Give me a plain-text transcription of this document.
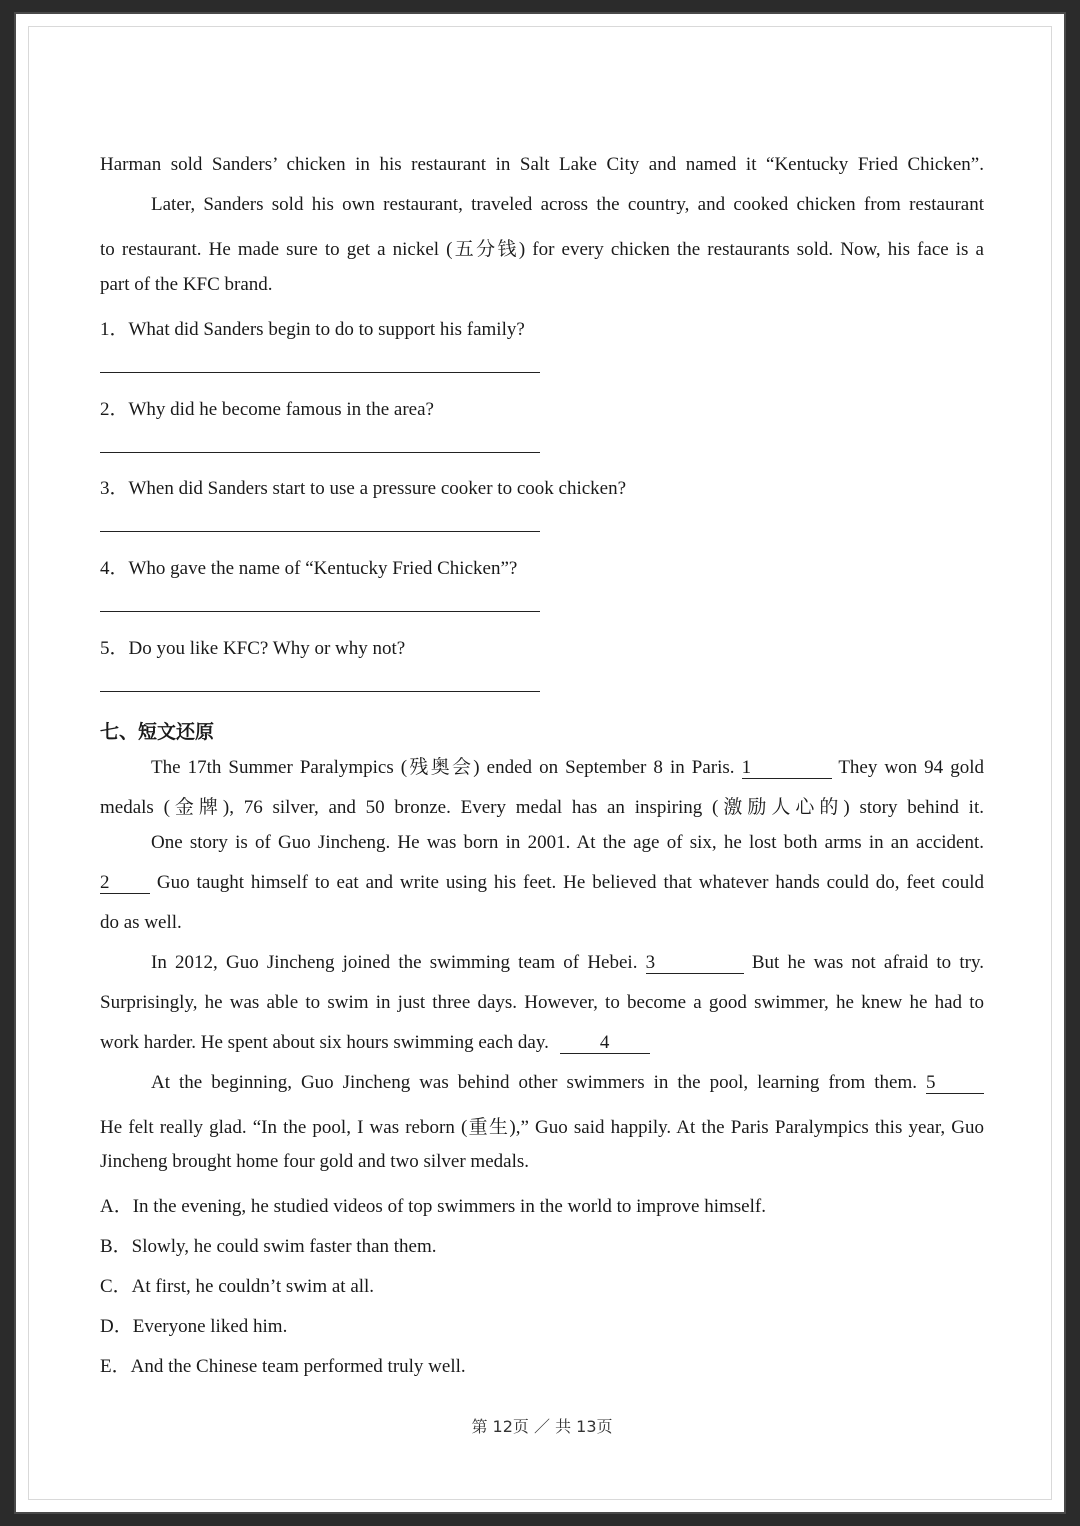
Harman sold Sanders’ chicken in his restaurant in Salt Lake City and named it “Kentucky Fried Chicken”.
Later, Sanders sold his own restaurant, traveled across the country, and cooked chicken from restaurant
to restaurant. He made sure to get a nickel (五分钱) for every chicken the restaurants sold. Now, his face is a
part of the KFC brand.
1．What did Sanders begin to do to support his family?
2．Why did he become famous in the area?
3．When did Sanders start to use a pressure cooker to cook chicken?
4．Who gave the name of “Kentucky Fried Chicken”?
5．Do you like KFC? Why or why not?
七、短文还原
The 17th Summer Paralympics (残奥会) ended on September 8 in Paris. 1	They won 94 gold
medals (金牌), 76 silver, and 50 bronze. Every medal has an inspiring (激励人心的) story behind it.
One story is of Guo Jincheng. He was born in 2001. At the age of six, he lost both arms in an accident.
2 Guo taught himself to eat and write using his feet. He believed that whatever hands could do, feet could
do as well.
In 2012, Guo Jincheng joined the swimming team of Hebei. 3	But he was not afraid to try.
Surprisingly, he was able to swim in just three days. However, to become a good swimmer, he knew he had to
work harder. He spent about six hours swimming each day.	4
At the beginning, Guo Jincheng was behind other swimmers in the pool, learning from them. 5
He felt really glad. “In the pool, I was reborn (重生),” Guo said happily. At the Paris Paralympics this year, Guo
Jincheng brought home four gold and two silver medals.
A．In the evening, he studied videos of top swimmers in the world to improve himself.
B．Slowly, he could swim faster than them.
C．At first, he couldn’t swim at all.
D．Everyone liked him.
E．And the Chinese team performed truly well.
第 12页 ／ 共 13页
